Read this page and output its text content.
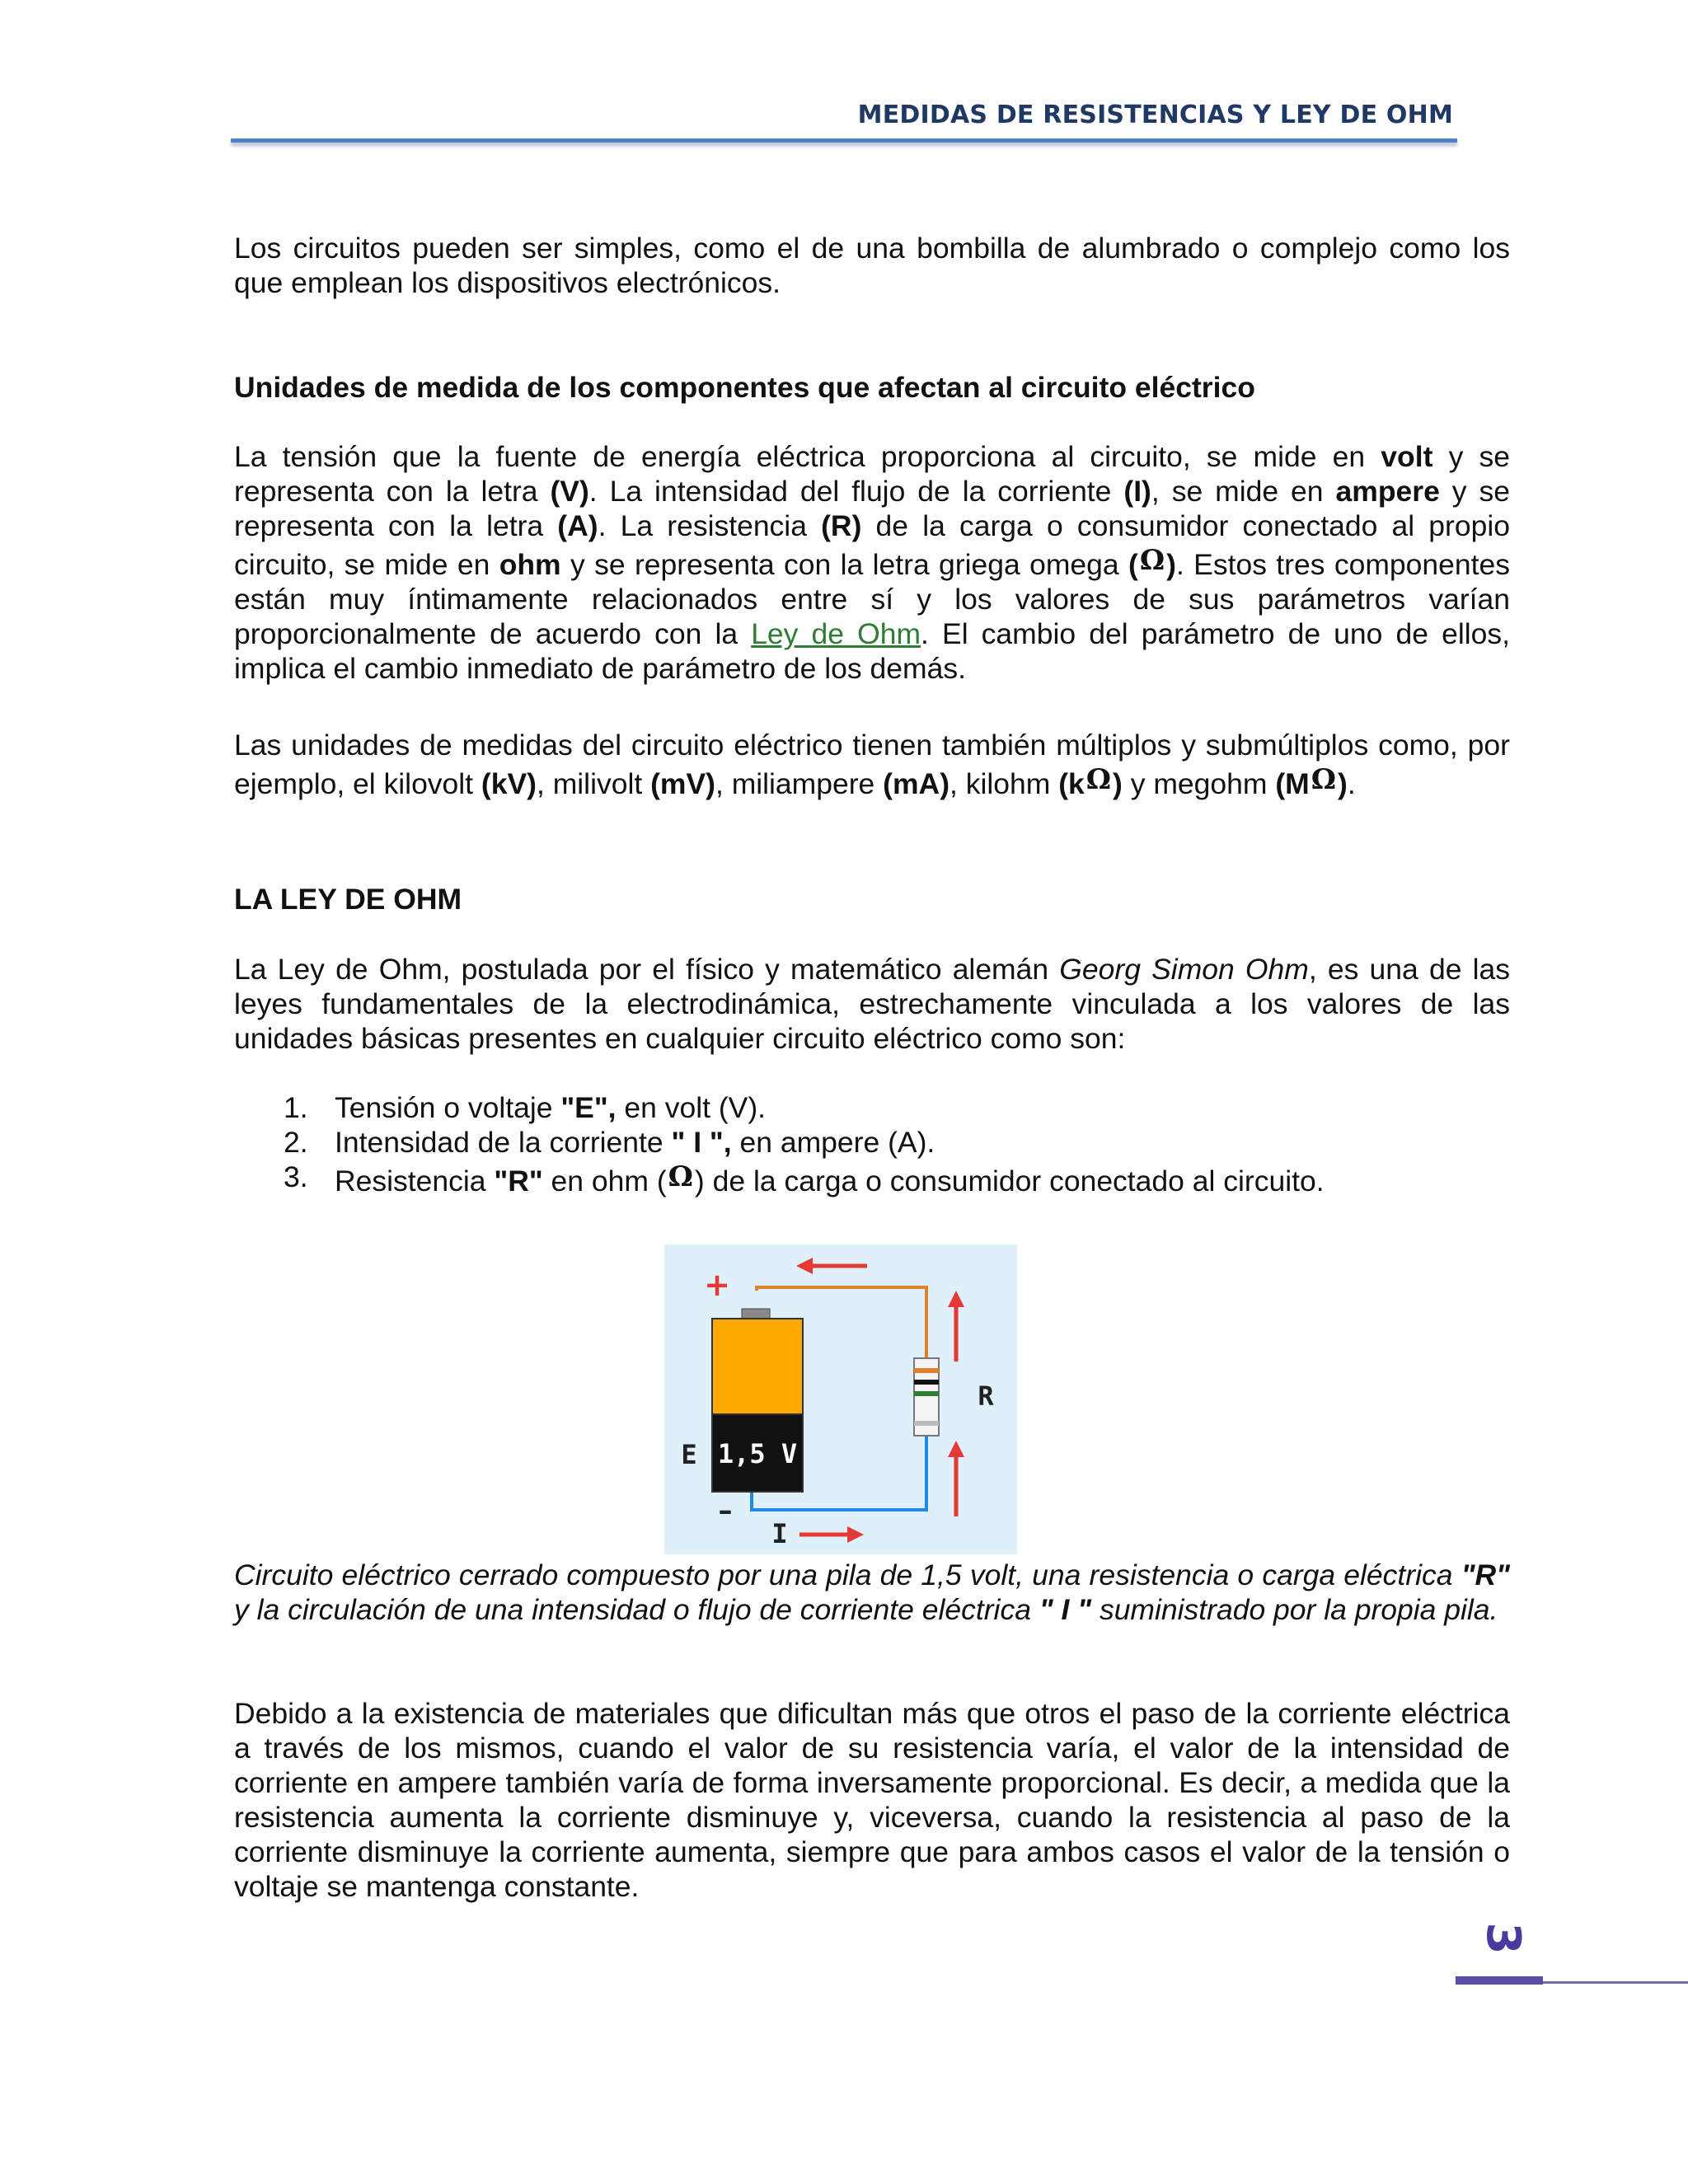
MEDIDAS DE RESISTENCIAS Y LEY DE OHM
Los circuitos pueden ser simples, como el de una bombilla de alumbrado o complejo como los que emplean los dispositivos electrónicos.
Unidades de medida de los componentes que afectan al circuito eléctrico
La tensión que la fuente de energía eléctrica proporciona al circuito, se mide en volt y se representa con la letra (V). La intensidad del flujo de la corriente (I), se mide en ampere y se representa con la letra (A). La resistencia (R) de la carga o consumidor conectado al propio circuito, se mide en ohm y se representa con la letra griega omega (Ω). Estos tres componentes están muy íntimamente relacionados entre sí y los valores de sus parámetros varían proporcionalmente de acuerdo con la Ley de Ohm. El cambio del parámetro de uno de ellos, implica el cambio inmediato de parámetro de los demás.
Las unidades de medidas del circuito eléctrico tienen también múltiplos y submúltiplos como, por ejemplo, el kilovolt (kV), milivolt (mV), miliampere (mA), kilohm (kΩ) y megohm (MΩ).
LA LEY DE OHM
La Ley de Ohm, postulada por el físico y matemático alemán Georg Simon Ohm, es una de las leyes fundamentales de la electrodinámica, estrechamente vinculada a los valores de las unidades básicas presentes en cualquier circuito eléctrico como son:
1. Tensión o voltaje "E", en volt (V).
2. Intensidad de la corriente " I ", en ampere (A).
3. Resistencia "R" en ohm (Ω) de la carga o consumidor conectado al circuito.
1,5 V
E
+
–
R
I
Circuito eléctrico cerrado compuesto por una pila de 1,5 volt, una resistencia o carga eléctrica "R" y la circulación de una intensidad o flujo de corriente eléctrica " I " suministrado por la propia pila.
Debido a la existencia de materiales que dificultan más que otros el paso de la corriente eléctrica a través de los mismos, cuando el valor de su resistencia varía, el valor de la intensidad de corriente en ampere también varía de forma inversamente proporcional. Es decir, a medida que la resistencia aumenta la corriente disminuye y, viceversa, cuando la resistencia al paso de la corriente disminuye la corriente aumenta, siempre que para ambos casos el valor de la tensión o voltaje se mantenga constante.
3
